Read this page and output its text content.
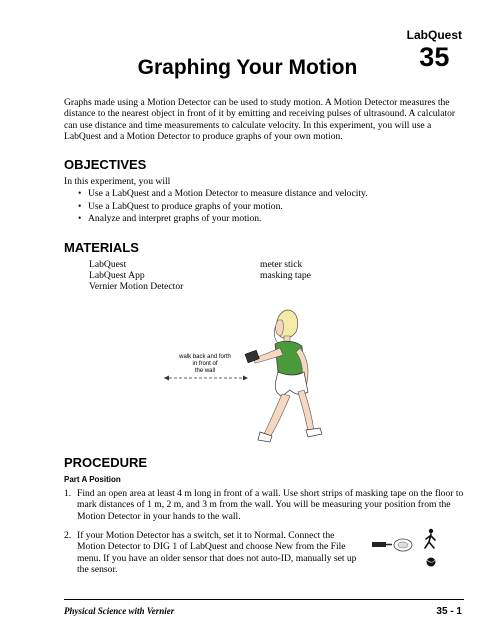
LabQuest
35
Graphing Your Motion
Graphs made using a Motion Detector can be used to study motion. A Motion Detector measures the distance to the nearest object in front of it by emitting and receiving pulses of ultrasound. A calculator can use distance and time measurements to calculate velocity. In this experiment, you will use a LabQuest and a Motion Detector to produce graphs of your own motion.
OBJECTIVES
In this experiment, you will
• Use a LabQuest and a Motion Detector to measure distance and velocity.
• Use a LabQuest to produce graphs of your motion.
• Analyze and interpret graphs of your motion.
MATERIALS
LabQuest
LabQuest App
Vernier Motion Detector
meter stick
masking tape
walk back and forth
in front of
the wall
PROCEDURE
Part A Position
1. Find an open area at least 4 m long in front of a wall. Use short strips of masking tape on the floor to mark distances of 1 m, 2 m, and 3 m from the wall. You will be measuring your position from the Motion Detector in your hands to the wall.
2. If your Motion Detector has a switch, set it to Normal. Connect the Motion Detector to DIG 1 of LabQuest and choose New from the File menu. If you have an older sensor that does not auto-ID, manually set up the sensor.
Physical Science with Vernier	35 - 1
